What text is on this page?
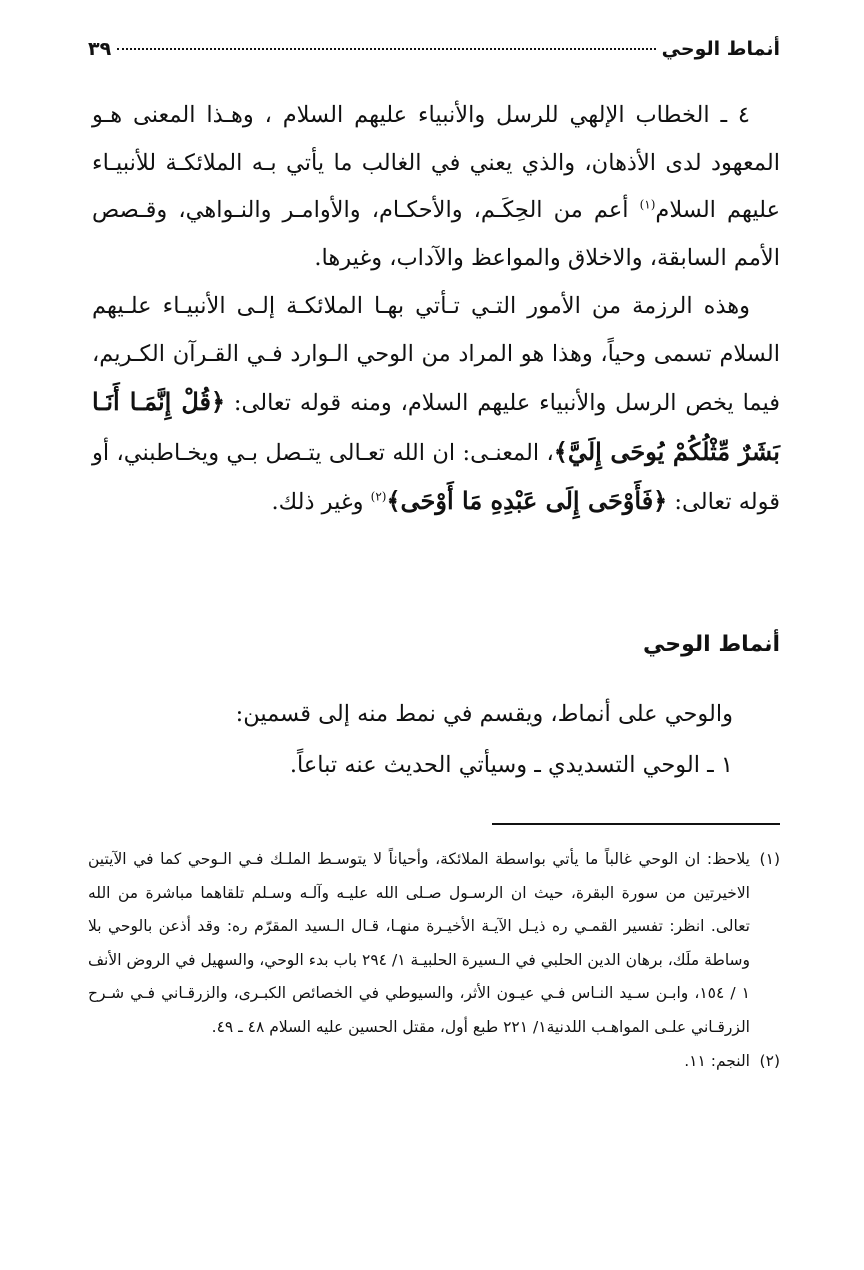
أنماط الوحي
٣٩

٤ ـ الخطاب الإلهي للرسل والأنبياء عليهم السلام ، وهـذا المعنى هـو المعهود لدى الأذهان، والذي يعني في الغالب ما يأتي بـه الملائكـة للأنبيـاء عليهم السلام$^{(١)}$ أعم من الحِكَـم، والأحكـام، والأوامـر والنـواهي، وقـصص الأمم السابقة، والاخلاق والمواعظ والآداب، وغيرها.

وهذه الرزمة من الأمور التـي تـأتي بهـا الملائكـة إلـى الأنبيـاء علـيهم السلام تسمى وحياً، وهذا هو المراد من الوحي الـوارد فـي القـرآن الكـريم، فيما يخص الرسل والأنبياء عليهم السلام، ومنه قوله تعالى: ﴿قُلْ إِنَّمَـا أَنَـا بَشَرٌ مِّثْلُكُمْ يُوحَى إِلَيَّ﴾، المعنـى: ان الله تعـالى يتـصل بـي ويخـاطبني، أو قوله تعالى: ﴿فَأَوْحَى إِلَى عَبْدِهِ مَا أَوْحَى﴾$^{(٢)}$ وغير ذلك.

أنماط الوحي
والوحي على أنماط، ويقسم في نمط منه إلى قسمين:
١ ـ الوحي التسديدي ـ وسيأتي الحديث عنه تباعاً.
(١)
يلاحظ: ان الوحي غالباً ما يأتي بواسطة الملائكة، وأحياناً لا يتوسـط الملـك فـي الـوحي كما في الآيتين الاخيرتين من سورة البقرة، حيث ان الرسـول صـلى الله عليـه وآلـه وسـلم تلقاهما مباشرة من الله تعالى. انظر: تفسير القمـي ره ذيـل الآيـة الأخيـرة منهـا، قـال الـسيد المقرّم ره: وقد أذعن بالوحي بلا وساطة ملَك، برهان الدين الحلبي في الـسيرة الحلبيـة ١/ ٢٩٤ باب بدء الوحي، والسهيل في الروض الأنف ١ / ١٥٤، وابـن سـيد النـاس فـي عيـون الأثر، والسيوطي في الخصائص الكبـرى، والزرقـاني فـي شـرح الزرقـاني علـى المواهـب اللدنية١/ ٢٢١ طبع أول، مقتل الحسين عليه السلام ٤٨ ـ ٤٩.
(٢)
النجم: ١١.
